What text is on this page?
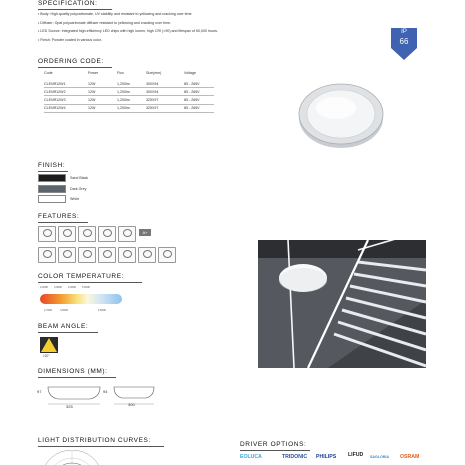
SPECIFICATION:
• Body: High-quality polycarbonate, UV stability and resistant to yellowing and cracking over time.
• Diffuser: Opal polycarbonate diffuser resistant to yellowing and cracking over time.
• LED Source: Integrated high-efficiency LED chips with high lumen, high CRI (>90) and lifespan of 50,000 hours.
• Finish: Powder coated in various color.
IP
66
ORDERING CODE:
Code	Power	Flux	Size(mm)	Voltage
CLENR12W1	12W	1,200lm	300X94	85 - 265V
CLENR12W2	12W	1,200lm	300X94	85 - 265V
CLENR12W3	12W	1,200lm	325X97	85 - 265V
CLENR12W4	12W	1,200lm	325X97	85 - 265V
FINISH:
Sand Black
Dark Grey
White
FEATURES:
A+
COLOR TEMPERATURE:
2,200K 3,000K 4,000K 5,000K
2,700K	3,500K	6,500K
BEAM ANGLE:
120°
DIMENSIONS (MM):
97
325
94
300
LIGHT DISTRIBUTION CURVES:
DRIVER OPTIONS:
EOLUCA	TRIDONIC PHILIPS LIFUD SAGLORIA OSRAM
